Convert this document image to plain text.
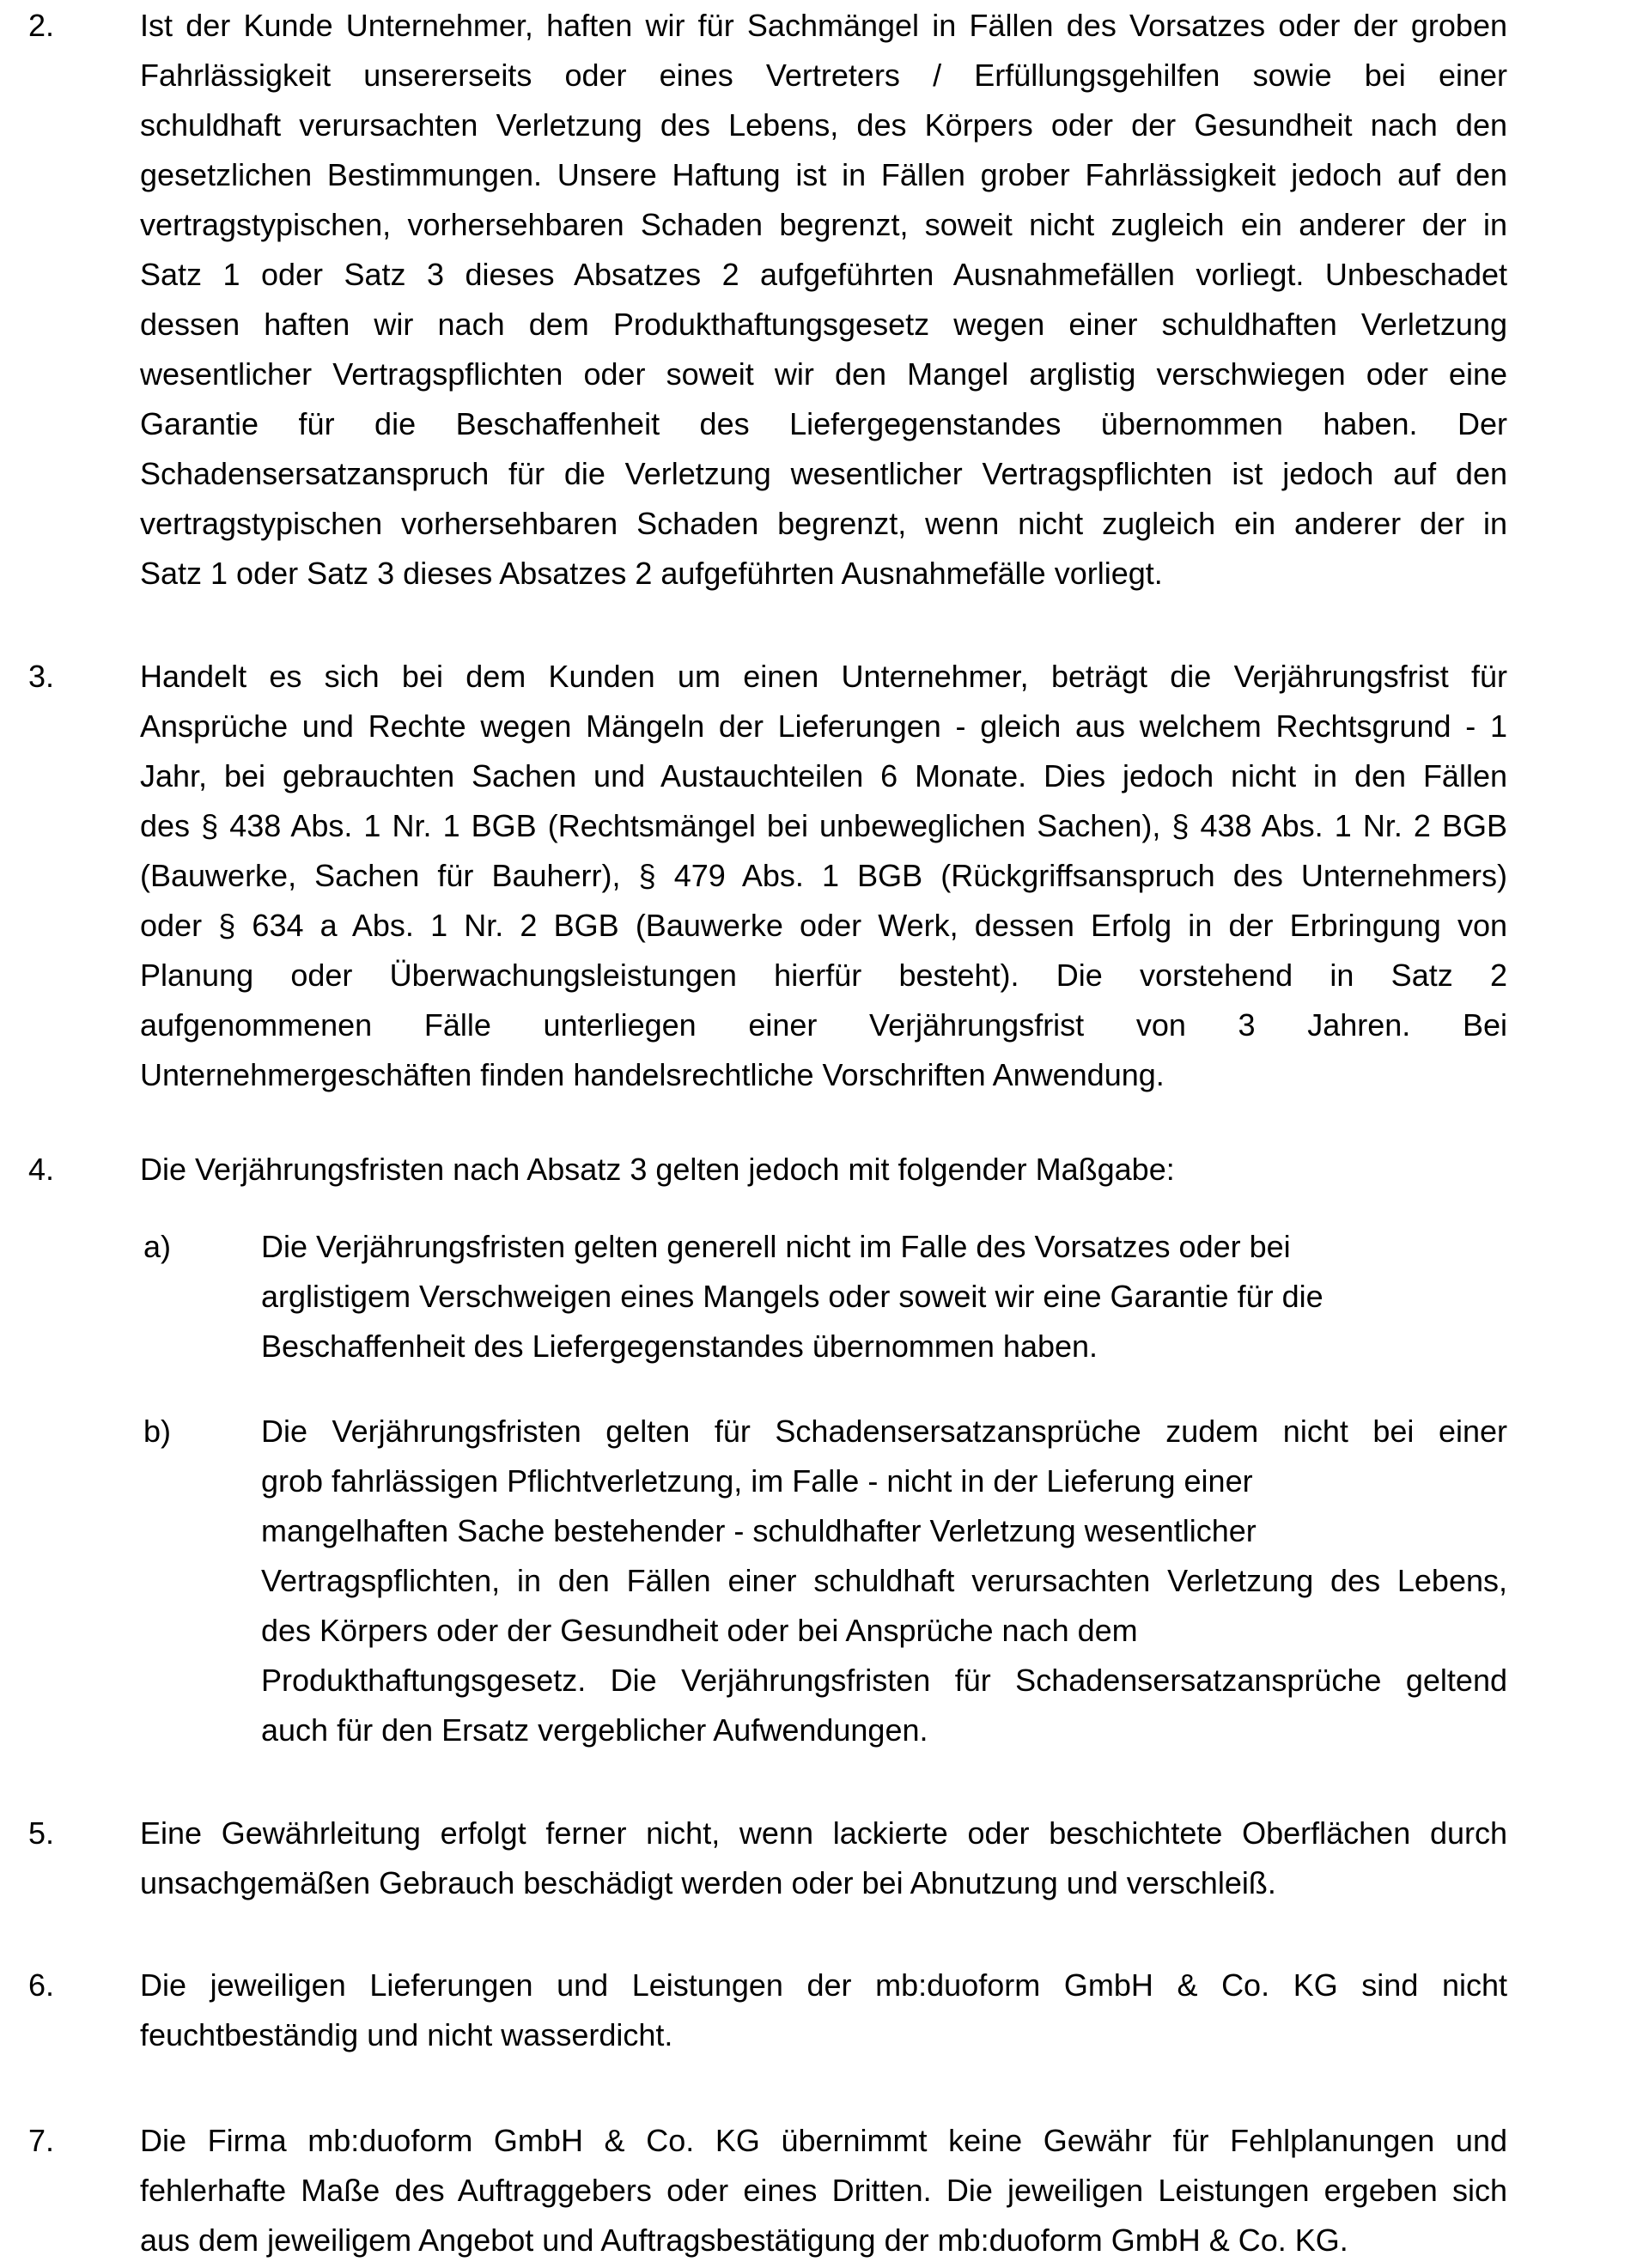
2.	Ist der Kunde Unternehmer, haften wir für Sachmängel in Fällen des Vorsatzes oder der groben
Fahrlässigkeit unsererseits oder eines Vertreters / Erfüllungsgehilfen sowie bei einer
schuldhaft verursachten Verletzung des Lebens, des Körpers oder der Gesundheit nach den
gesetzlichen Bestimmungen. Unsere Haftung ist in Fällen grober Fahrlässigkeit jedoch auf den
vertragstypischen, vorhersehbaren Schaden begrenzt, soweit nicht zugleich ein anderer der in
Satz 1 oder Satz 3 dieses Absatzes 2 aufgeführten Ausnahmefällen vorliegt. Unbeschadet
dessen haften wir nach dem Produkthaftungsgesetz wegen einer schuldhaften Verletzung
wesentlicher Vertragspflichten oder soweit wir den Mangel arglistig verschwiegen oder eine
Garantie für die Beschaffenheit des Liefergegenstandes übernommen haben. Der
Schadensersatzanspruch für die Verletzung wesentlicher Vertragspflichten ist jedoch auf den
vertragstypischen vorhersehbaren Schaden begrenzt, wenn nicht zugleich ein anderer der in
Satz 1 oder Satz 3 dieses Absatzes 2 aufgeführten Ausnahmefälle vorliegt.
3.	Handelt es sich bei dem Kunden um einen Unternehmer, beträgt die Verjährungsfrist für
Ansprüche und Rechte wegen Mängeln der Lieferungen - gleich aus welchem Rechtsgrund - 1
Jahr, bei gebrauchten Sachen und Austauchteilen 6 Monate. Dies jedoch nicht in den Fällen
des § 438 Abs. 1 Nr. 1 BGB (Rechtsmängel bei unbeweglichen Sachen), § 438 Abs. 1 Nr. 2 BGB
(Bauwerke, Sachen für Bauherr), § 479 Abs. 1 BGB (Rückgriffsanspruch des Unternehmers)
oder § 634 a Abs. 1 Nr. 2 BGB (Bauwerke oder Werk, dessen Erfolg in der Erbringung von
Planung oder Überwachungsleistungen hierfür besteht). Die vorstehend in Satz 2
aufgenommenen Fälle unterliegen einer Verjährungsfrist von 3 Jahren. Bei
Unternehmergeschäften finden handelsrechtliche Vorschriften Anwendung.
4.	Die Verjährungsfristen nach Absatz 3 gelten jedoch mit folgender Maßgabe:
a)	Die Verjährungsfristen gelten generell nicht im Falle des Vorsatzes oder bei
arglistigem Verschweigen eines Mangels oder soweit wir eine Garantie für die
Beschaffenheit des Liefergegenstandes übernommen haben.
b)	Die Verjährungsfristen gelten für Schadensersatzansprüche zudem nicht bei einer
grob fahrlässigen Pflichtverletzung, im Falle - nicht in der Lieferung einer
mangelhaften Sache bestehender - schuldhafter Verletzung wesentlicher
Vertragspflichten, in den Fällen einer schuldhaft verursachten Verletzung des Lebens,
des Körpers oder der Gesundheit oder bei Ansprüche nach dem
Produkthaftungsgesetz. Die Verjährungsfristen für Schadensersatzansprüche geltend
auch für den Ersatz vergeblicher Aufwendungen.
5.	Eine Gewährleitung erfolgt ferner nicht, wenn lackierte oder beschichtete Oberflächen durch
unsachgemäßen Gebrauch beschädigt werden oder bei Abnutzung und verschleiß.
6.	Die jeweiligen Lieferungen und Leistungen der mb:duoform GmbH & Co. KG sind nicht
feuchtbeständig und nicht wasserdicht.
7.	Die Firma mb:duoform GmbH & Co. KG übernimmt keine Gewähr für Fehlplanungen und
fehlerhafte Maße des Auftraggebers oder eines Dritten. Die jeweiligen Leistungen ergeben sich
aus dem jeweiligem Angebot und Auftragsbestätigung der mb:duoform GmbH & Co. KG.
